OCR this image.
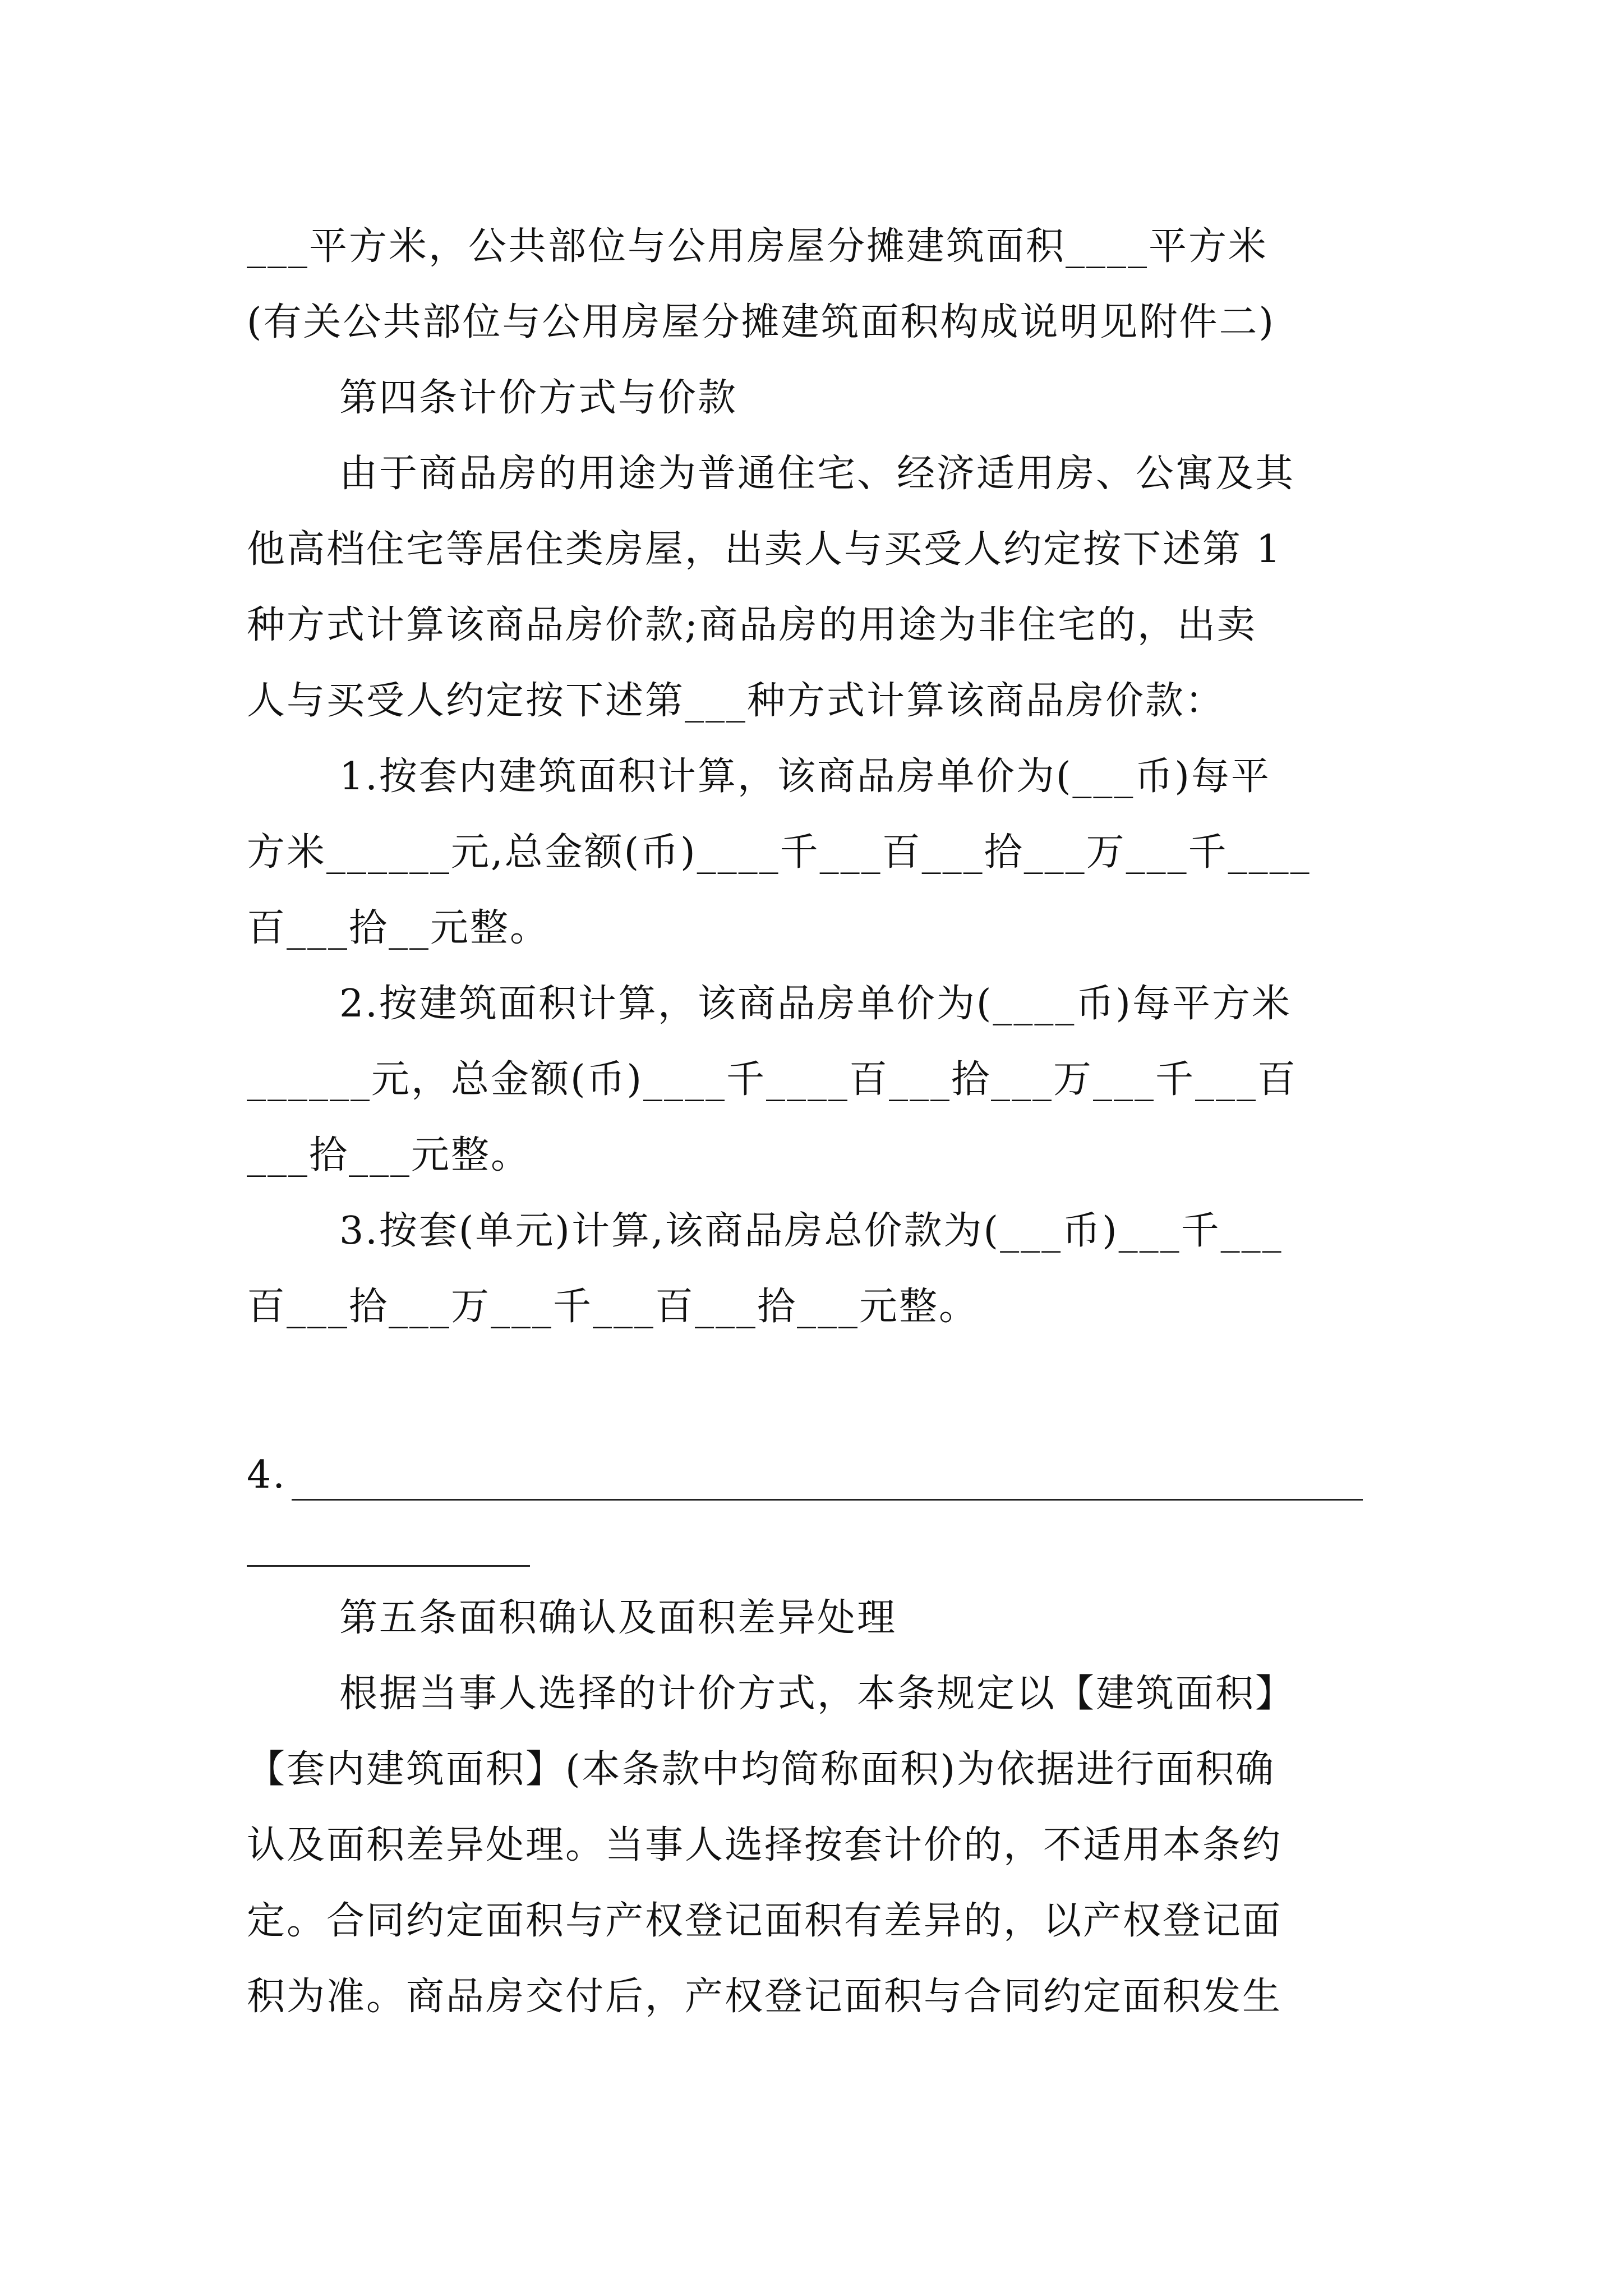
___平方米，公共部位与公用房屋分摊建筑面积____平方米
(有关公共部位与公用房屋分摊建筑面积构成说明见附件二)
第四条计价方式与价款
由于商品房的用途为普通住宅、经济适用房、公寓及其
他高档住宅等居住类房屋，出卖人与买受人约定按下述第 1
种方式计算该商品房价款;商品房的用途为非住宅的，出卖
人与买受人约定按下述第___种方式计算该商品房价款：
1.按套内建筑面积计算，该商品房单价为(___币)每平
方米______元,总金额(币)____千___百___拾___万___千____
百___拾__元整。
2.按建筑面积计算，该商品房单价为(____币)每平方米
______元，总金额(币)____千____百___拾___万___千___百
___拾___元整。
3.按套(单元)计算,该商品房总价款为(___币)___千___
百___拾___万___千___百___拾___元整。
4.
第五条面积确认及面积差异处理
根据当事人选择的计价方式，本条规定以【建筑面积】
【套内建筑面积】(本条款中均简称面积)为依据进行面积确
认及面积差异处理。当事人选择按套计价的，不适用本条约
定。合同约定面积与产权登记面积有差异的，以产权登记面
积为准。商品房交付后，产权登记面积与合同约定面积发生
